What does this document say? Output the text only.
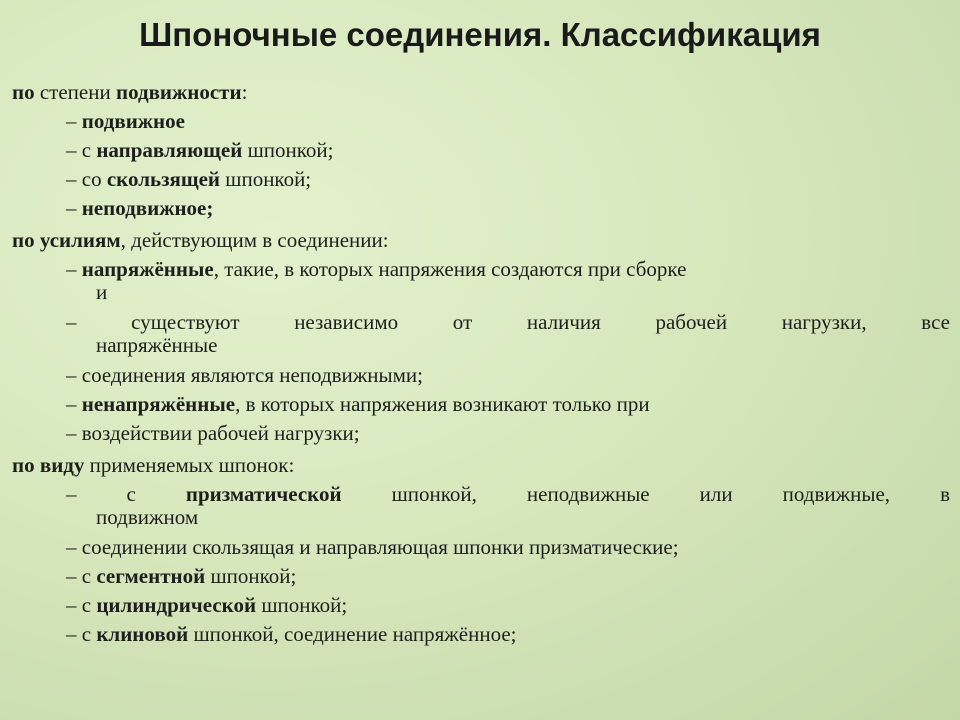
Шпоночные соединения. Классификация
по степени подвижности:
– подвижное
– с направляющей шпонкой;
– со скользящей шпонкой;
– неподвижное;
по усилиям, действующим в соединении:
– напряжённые, такие, в которых напряжения создаются при сборке
и
– существуют независимо от наличия рабочей нагрузки, все
напряжённые
– соединения являются неподвижными;
– ненапряжённые, в которых напряжения возникают только при
– воздействии рабочей нагрузки;
по виду применяемых шпонок:
– с призматической шпонкой, неподвижные или подвижные, в
подвижном
– соединении скользящая и направляющая шпонки призматические;
– с сегментной шпонкой;
– с цилиндрической шпонкой;
– с клиновой шпонкой, соединение напряжённое;
